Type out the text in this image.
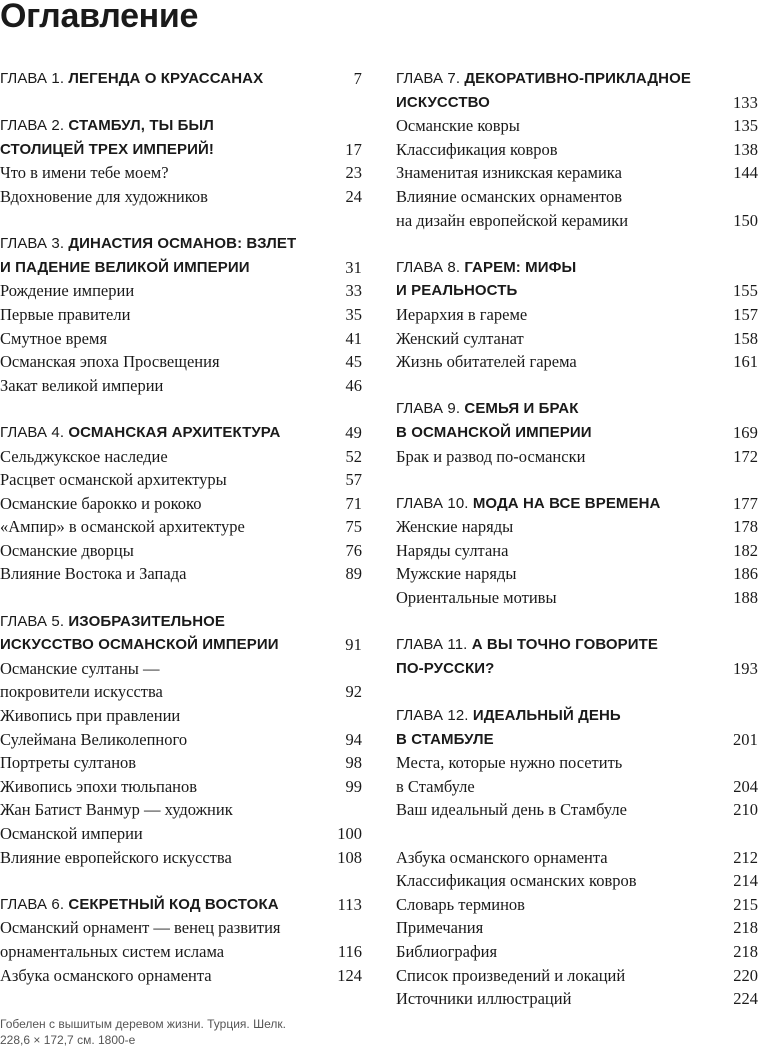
Оглавление
ГЛАВА 1. ЛЕГЕНДА О КРУАССАНАХ	7
ГЛАВА 2. СТАМБУЛ, ТЫ БЫЛ
СТОЛИЦЕЙ ТРЕХ ИМПЕРИЙ!	17
Что в имени тебе моем?	23
Вдохновение для художников	24
ГЛАВА 3. ДИНАСТИЯ ОСМАНОВ: ВЗЛЕТ
И ПАДЕНИЕ ВЕЛИКОЙ ИМПЕРИИ	31
Рождение империи	33
Первые правители	35
Смутное время	41
Османская эпоха Просвещения	45
Закат великой империи	46
ГЛАВА 4. ОСМАНСКАЯ АРХИТЕКТУРА	49
Сельджукское наследие	52
Расцвет османской архитектуры	57
Османские барокко и рококо	71
«Ампир» в османской архитектуре	75
Османские дворцы	76
Влияние Востока и Запада	89
ГЛАВА 5. ИЗОБРАЗИТЕЛЬНОЕ
ИСКУССТВО ОСМАНСКОЙ ИМПЕРИИ	91
Османские султаны —
покровители искусства	92
Живопись при правлении
Сулеймана Великолепного	94
Портреты султанов	98
Живопись эпохи тюльпанов	99
Жан Батист Ванмур — художник
Османской империи	100
Влияние европейского искусства	108
ГЛАВА 6. СЕКРЕТНЫЙ КОД ВОСТОКА	113
Османский орнамент — венец развития
орнаментальных систем ислама	116
Азбука османского орнамента	124
ГЛАВА 7. ДЕКОРАТИВНО-ПРИКЛАДНОЕ
ИСКУССТВО	133
Османские ковры	135
Классификация ковров	138
Знаменитая изникская керамика	144
Влияние османских орнаментов
на дизайн европейской керамики	150
ГЛАВА 8. ГАРЕМ: МИФЫ
И РЕАЛЬНОСТЬ	155
Иерархия в гареме	157
Женский султанат	158
Жизнь обитателей гарема	161
ГЛАВА 9. СЕМЬЯ И БРАК
В ОСМАНСКОЙ ИМПЕРИИ	169
Брак и развод по-османски	172
ГЛАВА 10. МОДА НА ВСЕ ВРЕМЕНА	177
Женские наряды	178
Наряды султана	182
Мужские наряды	186
Ориентальные мотивы	188
ГЛАВА 11. А ВЫ ТОЧНО ГОВОРИТЕ
ПО-РУССКИ?	193
ГЛАВА 12. ИДЕАЛЬНЫЙ ДЕНЬ
В СТАМБУЛЕ	201
Места, которые нужно посетить
в Стамбуле	204
Ваш идеальный день в Стамбуле	210
Азбука османского орнамента	212
Классификация османских ковров	214
Словарь терминов	215
Примечания	218
Библиография	218
Список произведений и локаций	220
Источники иллюстраций	224

Гобелен с вышитым деревом жизни. Турция. Шелк.
228,6 × 172,7 см. 1800-е
